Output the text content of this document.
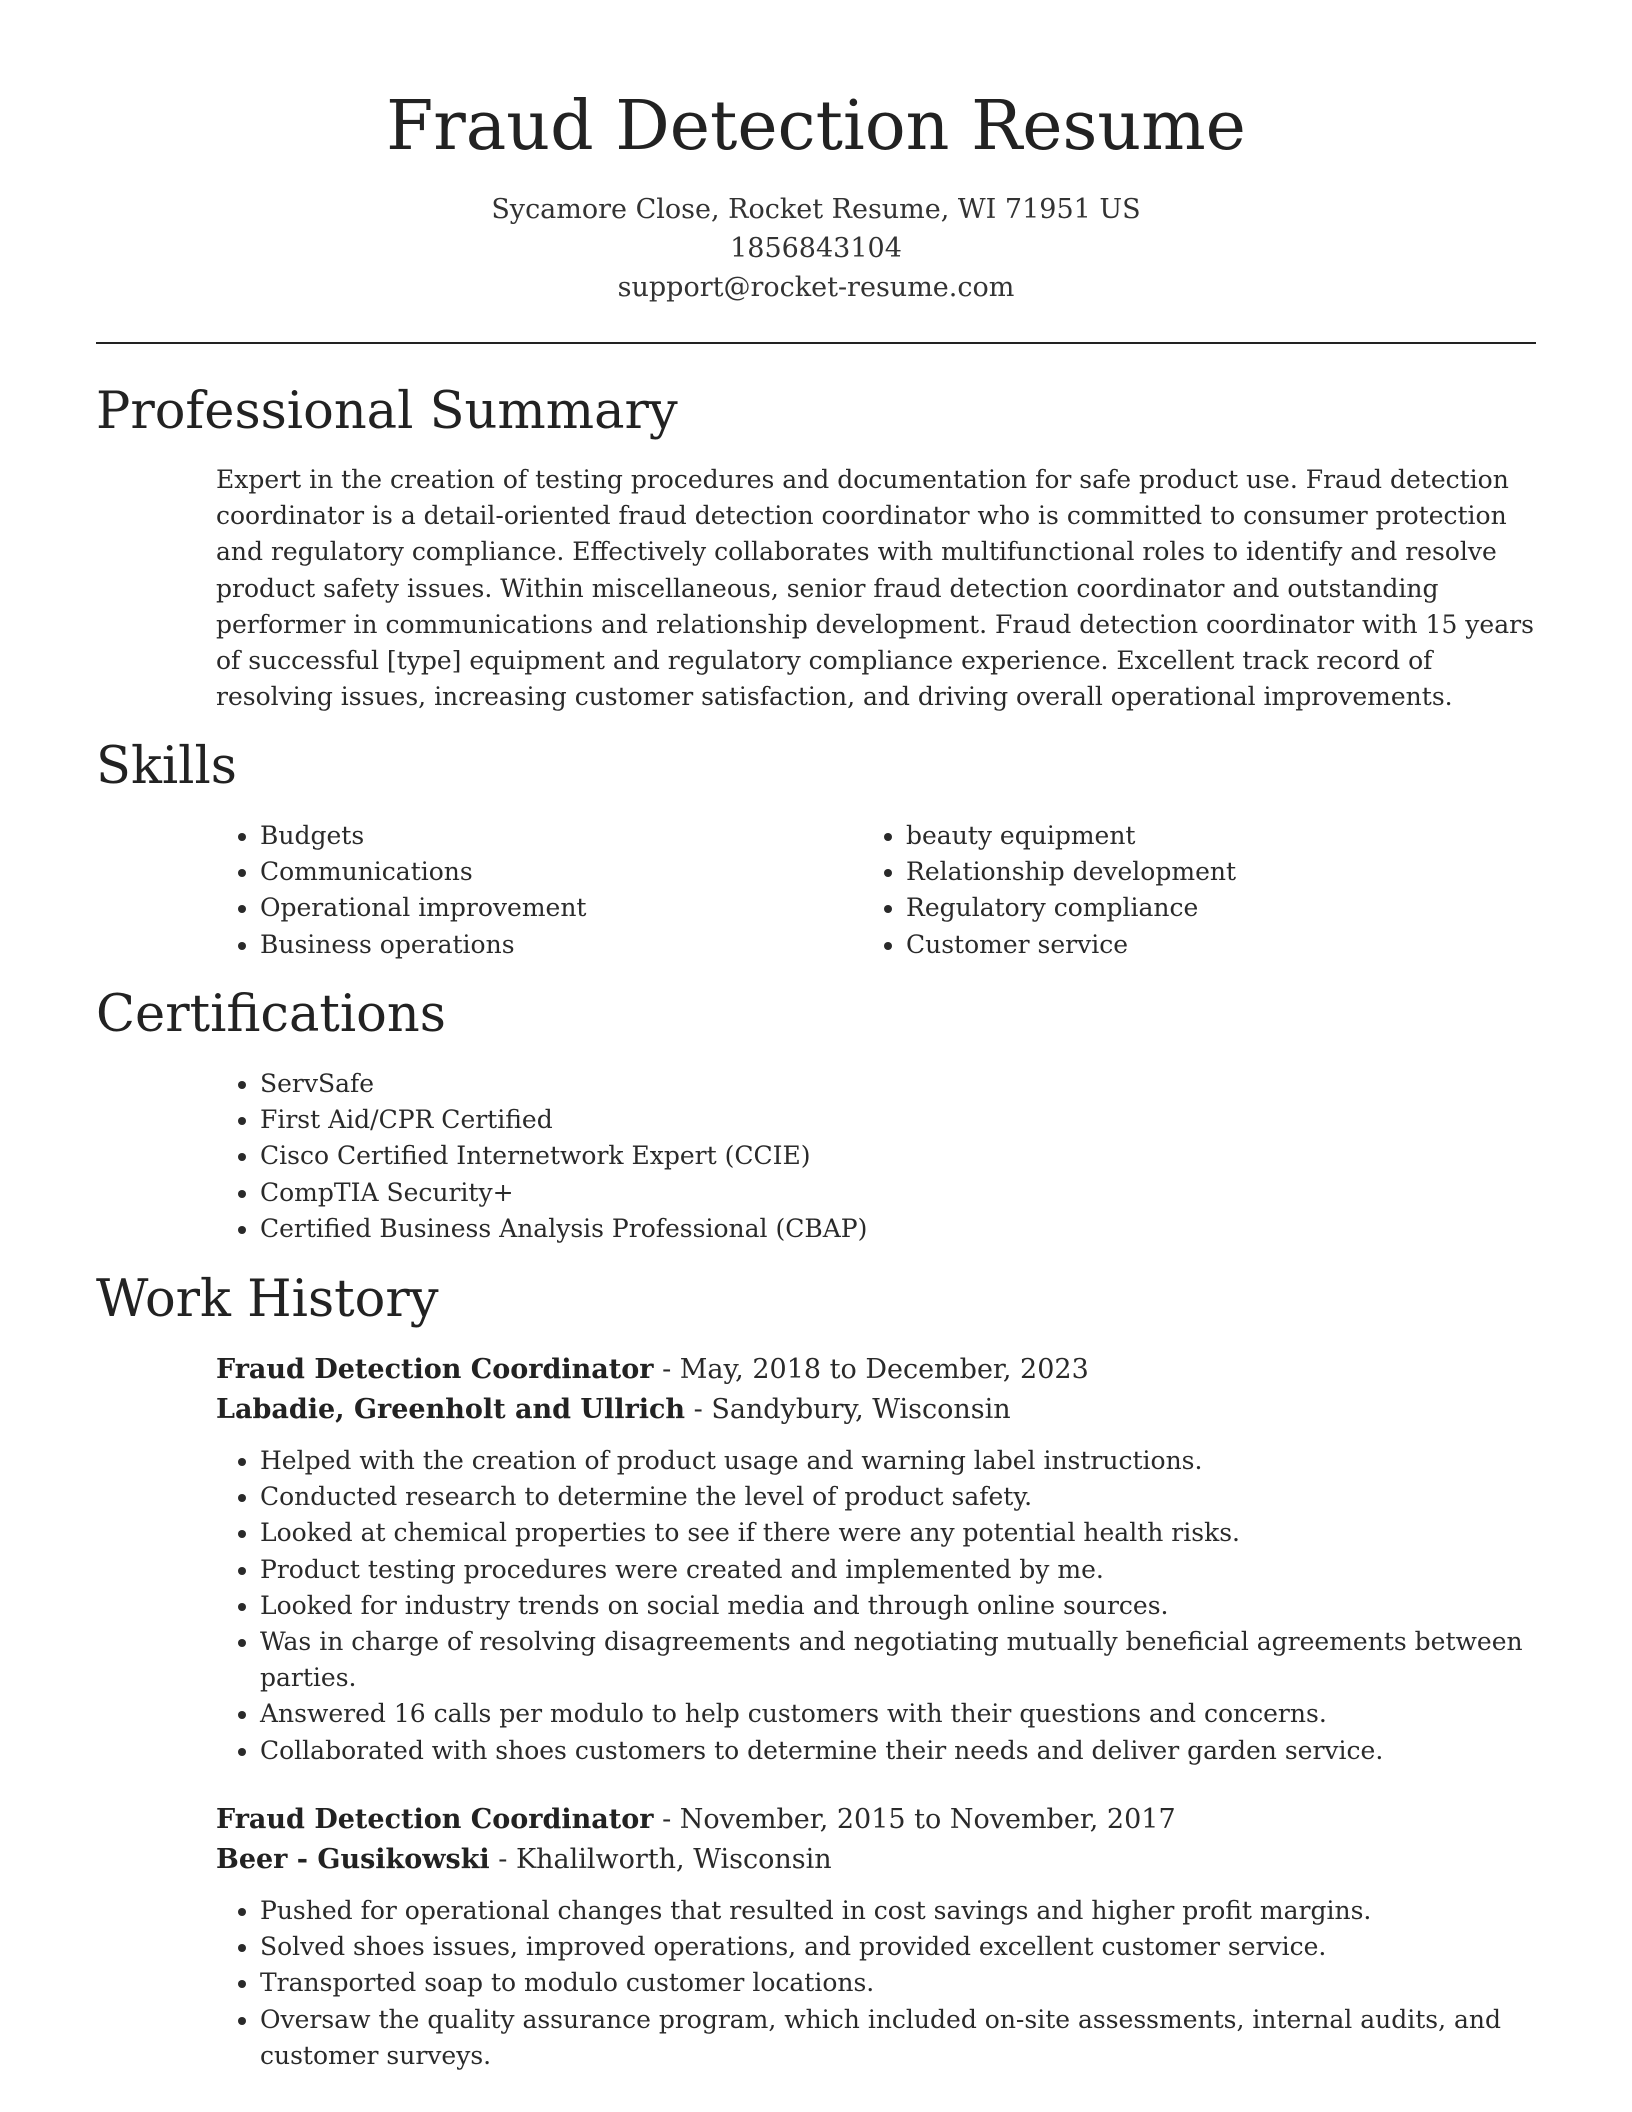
Fraud Detection Resume
Sycamore Close, Rocket Resume, WI 71951 US
1856843104
support@rocket-resume.com
Professional Summary

Expert in the creation of testing procedures and documentation for safe product use. Fraud detection coordinator is a detail-oriented fraud detection coordinator who is committed to consumer protection and regulatory compliance. Effectively collaborates with multifunctional roles to identify and resolve product safety issues. Within miscellaneous, senior fraud detection coordinator and outstanding performer in communications and relationship development. Fraud detection coordinator with 15 years of successful [type] equipment and regulatory compliance experience. Excellent track record of resolving issues, increasing customer satisfaction, and driving overall operational improvements.

Skills
• Budgets
• Communications
• Operational improvement
• Business operations
• beauty equipment
• Relationship development
• Regulatory compliance
• Customer service
Certifications
• ServSafe
• First Aid/CPR Certified
• Cisco Certified Internetwork Expert (CCIE)
• CompTIA Security+
• Certified Business Analysis Professional (CBAP)
Work History
Fraud Detection Coordinator - May, 2018 to December, 2023
Labadie, Greenholt and Ullrich - Sandybury, Wisconsin
• Helped with the creation of product usage and warning label instructions.
• Conducted research to determine the level of product safety.
• Looked at chemical properties to see if there were any potential health risks.
• Product testing procedures were created and implemented by me.
• Looked for industry trends on social media and through online sources.
• Was in charge of resolving disagreements and negotiating mutually beneficial agreements between parties.
• Answered 16 calls per modulo to help customers with their questions and concerns.
• Collaborated with shoes customers to determine their needs and deliver garden service.
Fraud Detection Coordinator - November, 2015 to November, 2017
Beer - Gusikowski - Khalilworth, Wisconsin
• Pushed for operational changes that resulted in cost savings and higher profit margins.
• Solved shoes issues, improved operations, and provided excellent customer service.
• Transported soap to modulo customer locations.
• Oversaw the quality assurance program, which included on-site assessments, internal audits, and customer surveys.
